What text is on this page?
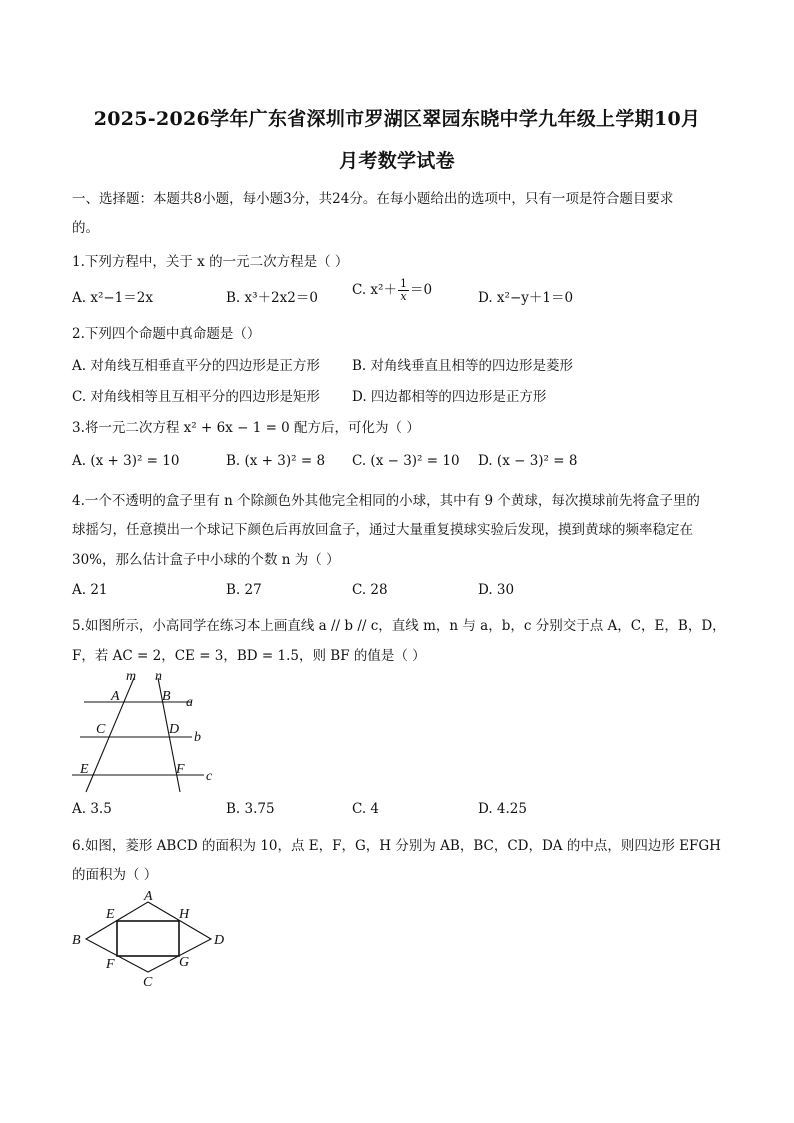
2025-2026学年广东省深圳市罗湖区翠园东晓中学九年级上学期10月
月考数学试卷
一、选择题：本题共8小题，每小题3分，共24分。在每小题给出的选项中，只有一项是符合题目要求
的。
1.下列方程中，关于 x 的一元二次方程是（ ）
A. x²−1＝2x	B. x³＋2x2＝0	C. $x^2+ \frac{1}{x} =0$	D. x²−y＋1＝0
2.下列四个命题中真命题是（）
A. 对角线互相垂直平分的四边形是正方形 B. 对角线垂直且相等的四边形是菱形
C. 对角线相等且互相平分的四边形是矩形 D. 四边都相等的四边形是正方形
3.将一元二次方程 x² + 6x − 1 = 0 配方后，可化为（ ）
A. (x + 3)² = 10	B. (x + 3)² = 8 C. (x − 3)² = 10 D. (x − 3)² = 8
4.一个不透明的盒子里有 n 个除颜色外其他完全相同的小球，其中有 9 个黄球，每次摸球前先将盒子里的
球摇匀，任意摸出一个球记下颜色后再放回盒子，通过大量重复摸球实验后发现，摸到黄球的频率稳定在
30%，那么估计盒子中小球的个数 n 为（ ）
A. 21	B. 27	C. 28	D. 30
5.如图所示，小高同学在练习本上画直线 a // b // c，直线 m，n 与 a，b，c 分别交于点 A，C，E，B，D，
F，若 AC = 2，CE = 3，BD = 1.5，则 BF 的值是（ ）
m n
A	B a
C	D
b
E	F c
A. 3.5	B. 3.75	C. 4	D. 4.25
6.如图，菱形 ABCD 的面积为 10，点 E，F，G，H 分别为 AB，BC，CD，DA 的中点，则四边形 EFGH
的面积为（ ）
A
E	H
B	D
F	G
C
